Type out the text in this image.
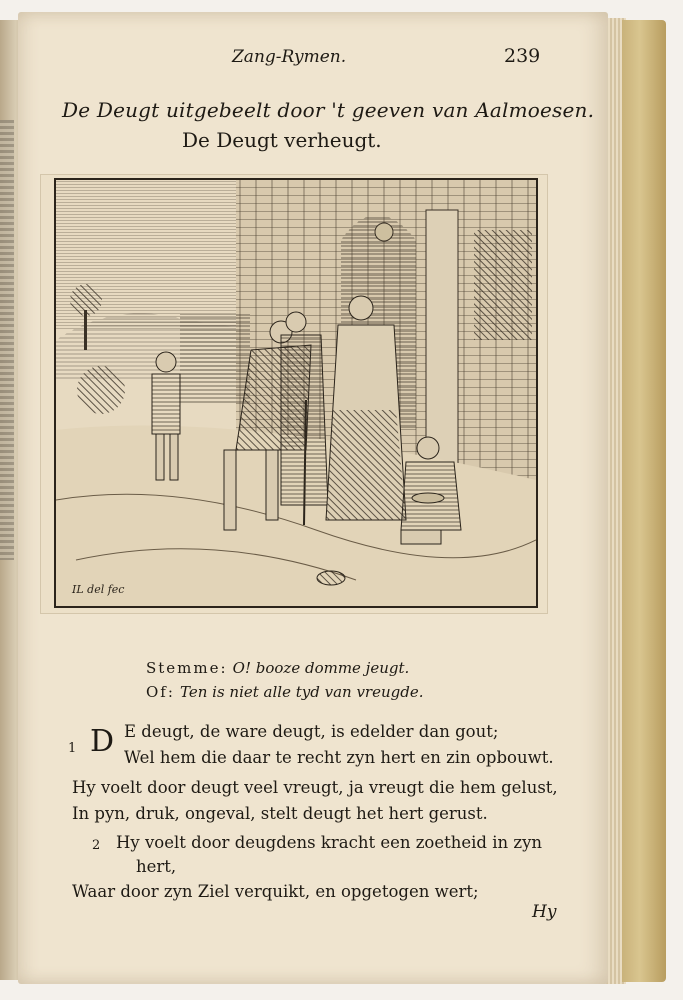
Zang-Rymen.	239
De Deugt uitgebeelt door 't geeven van Aalmoesen.
De Deugt verheugt.
IL del fec
Stemme: O! booze domme jeugt.
Of: Ten is niet alle tyd van vreugde.
1 D E deugt, de ware deugt, is edelder dan gout;
Wel hem die daar te recht zyn hert en zin opbouwt.
Hy voelt door deugt veel vreugt, ja vreugt die hem gelust,
In pyn, druk, ongeval, stelt deugt het hert gerust.
2 Hy voelt door deugdens kracht een zoetheid in zyn
hert,
Waar door zyn Ziel verquikt, en opgetogen wert;
Hy
